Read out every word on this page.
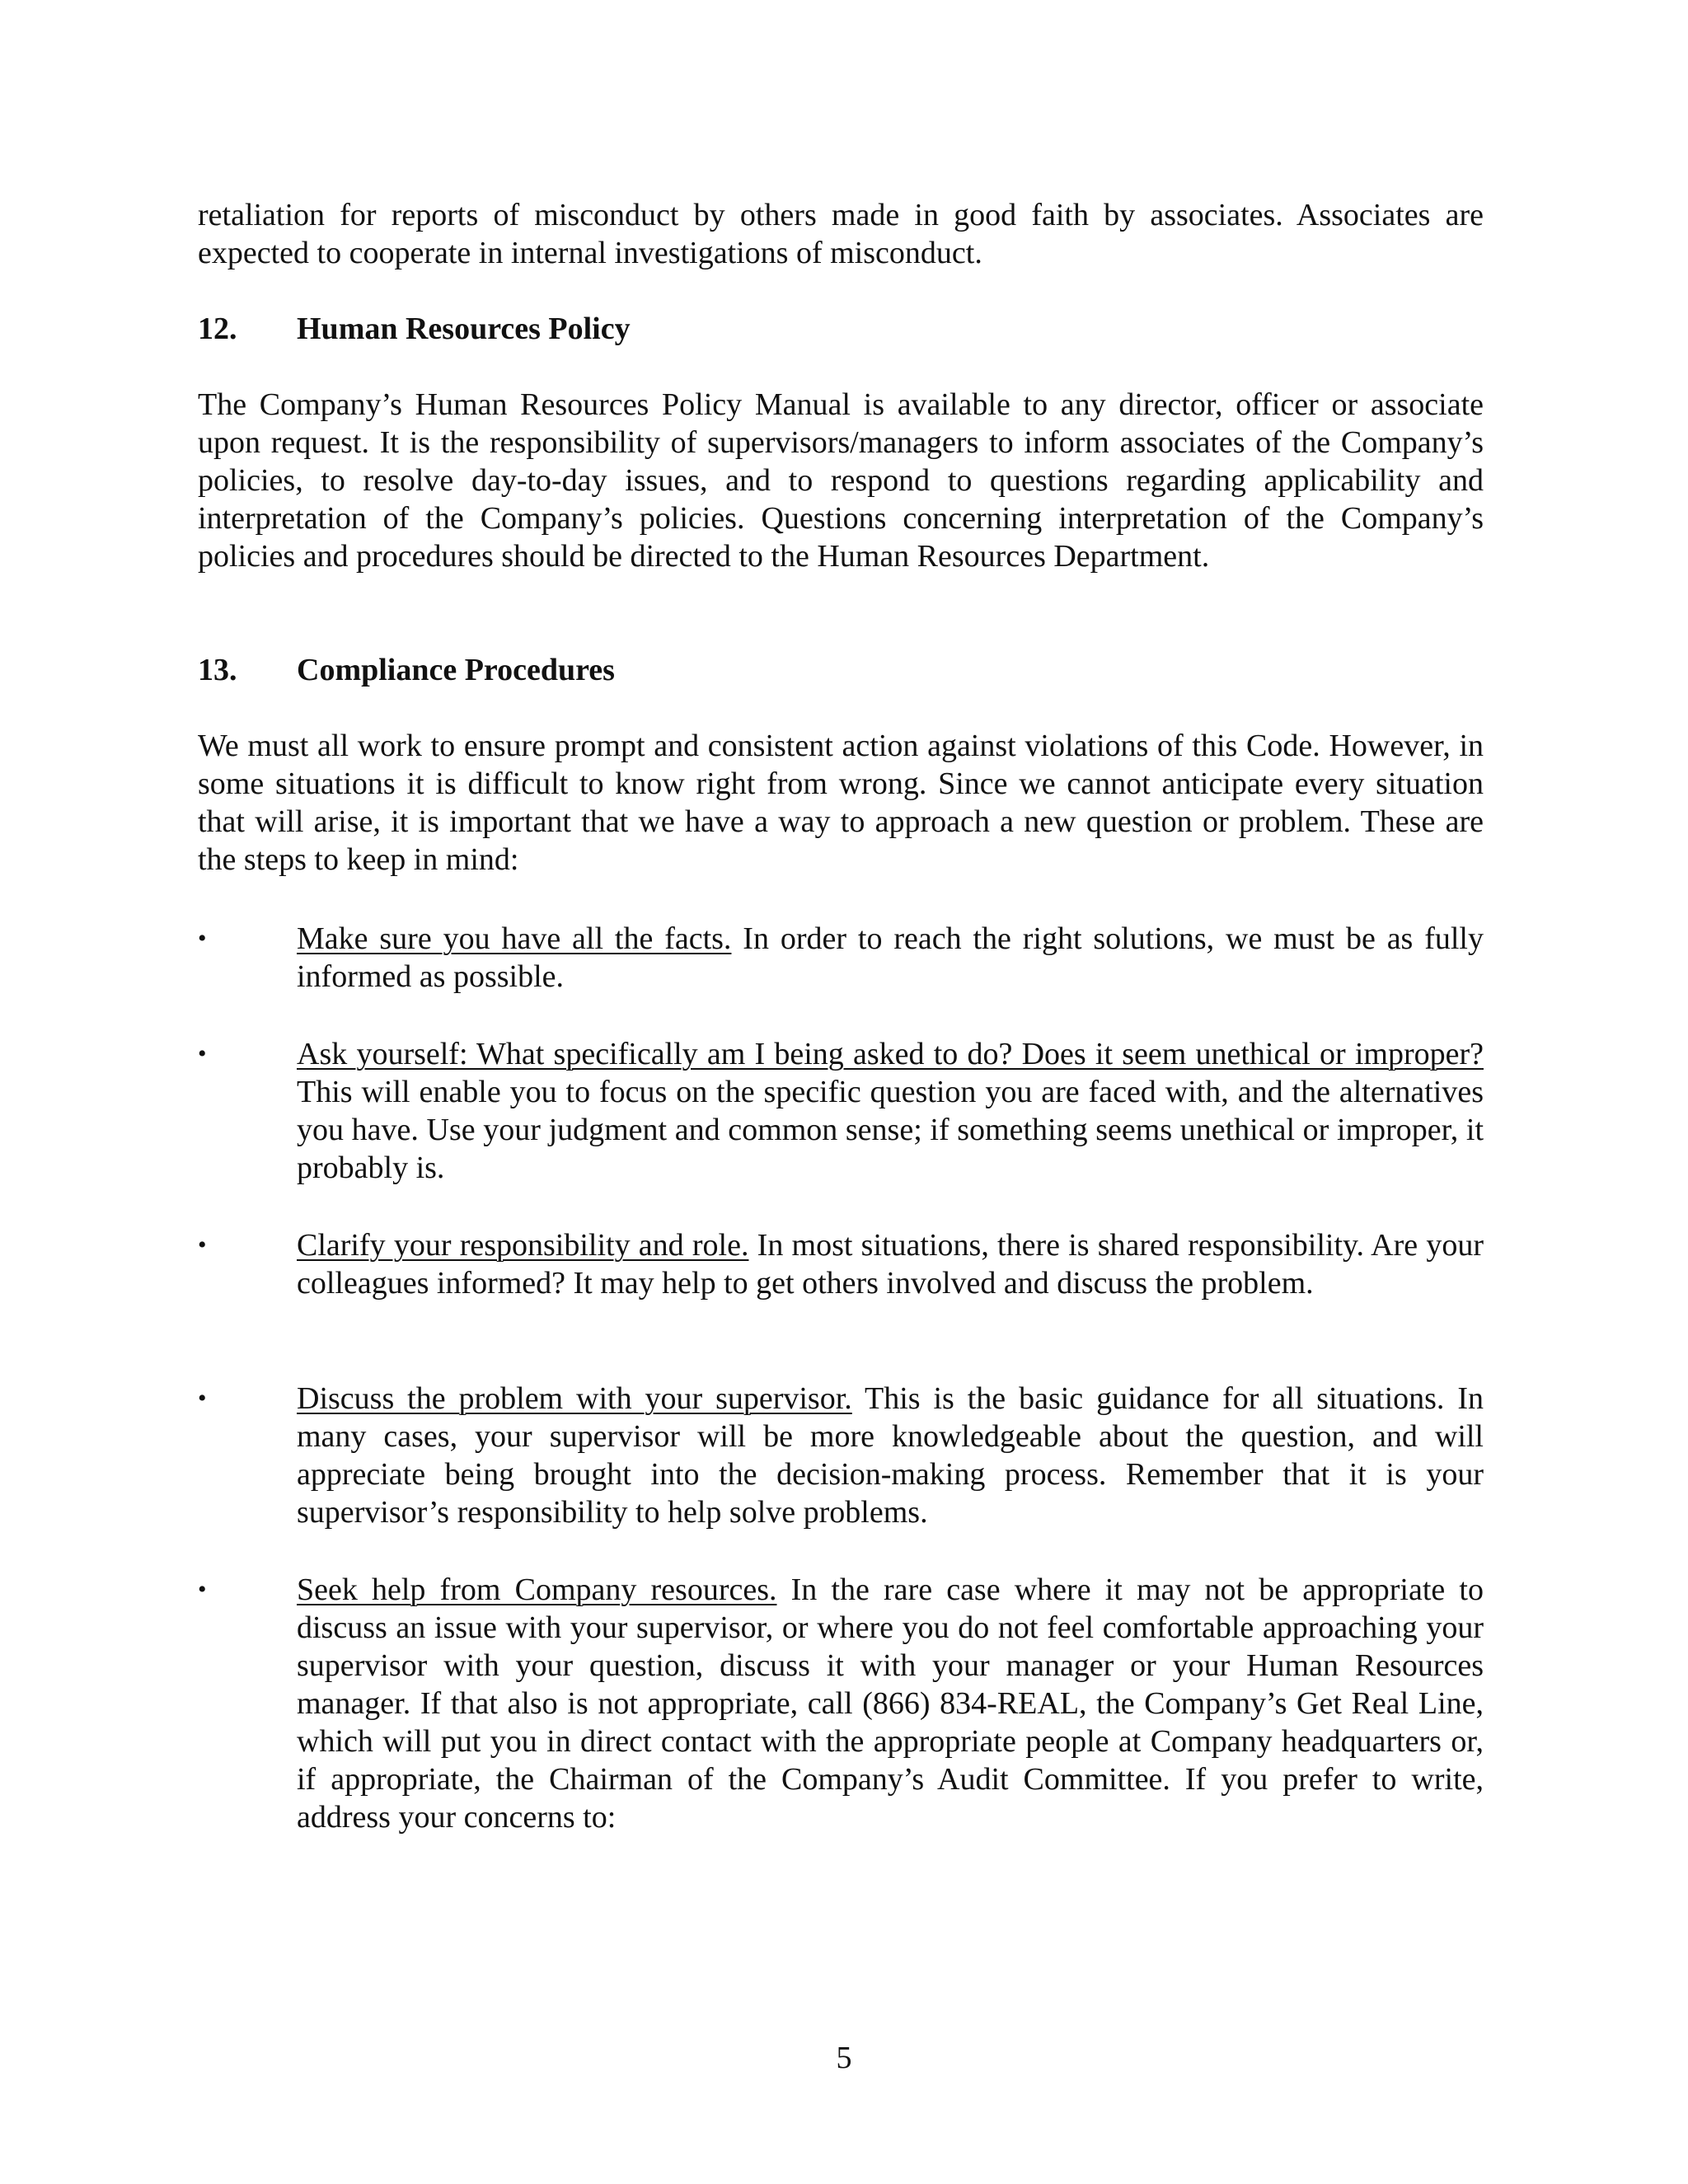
retaliation for reports of misconduct by others made in good faith by associates. Associates are expected to cooperate in internal investigations of misconduct.

12. Human Resources Policy

The Company’s Human Resources Policy Manual is available to any director, officer or associate upon request. It is the responsibility of supervisors/managers to inform associates of the Company’s policies, to resolve day-to-day issues, and to respond to questions regarding applicability and interpretation of the Company’s policies. Questions concerning interpretation of the Company’s policies and procedures should be directed to the Human Resources Department.

13. Compliance Procedures

We must all work to ensure prompt and consistent action against violations of this Code. However, in some situations it is difficult to know right from wrong. Since we cannot anticipate every situation that will arise, it is important that we have a way to approach a new question or problem. These are the steps to keep in mind:

•	Make sure you have all the facts. In order to reach the right solutions, we must be as fully informed as possible.
•	Ask yourself: What specifically am I being asked to do? Does it seem unethical or improper? This will enable you to focus on the specific question you are faced with, and the alternatives you have. Use your judgment and common sense; if something seems unethical or improper, it probably is.
•	Clarify your responsibility and role. In most situations, there is shared responsibility. Are your colleagues informed? It may help to get others involved and discuss the problem.
•	Discuss the problem with your supervisor. This is the basic guidance for all situations. In many cases, your supervisor will be more knowledgeable about the question, and will appreciate being brought into the decision-making process. Remember that it is your supervisor’s responsibility to help solve problems.
•	Seek help from Company resources. In the rare case where it may not be appropriate to discuss an issue with your supervisor, or where you do not feel comfortable approaching your supervisor with your question, discuss it with your manager or your Human Resources manager. If that also is not appropriate, call (866) 834-REAL, the Company’s Get Real Line, which will put you in direct contact with the appropriate people at Company headquarters or, if appropriate, the Chairman of the Company’s Audit Committee. If you prefer to write, address your concerns to:
5
